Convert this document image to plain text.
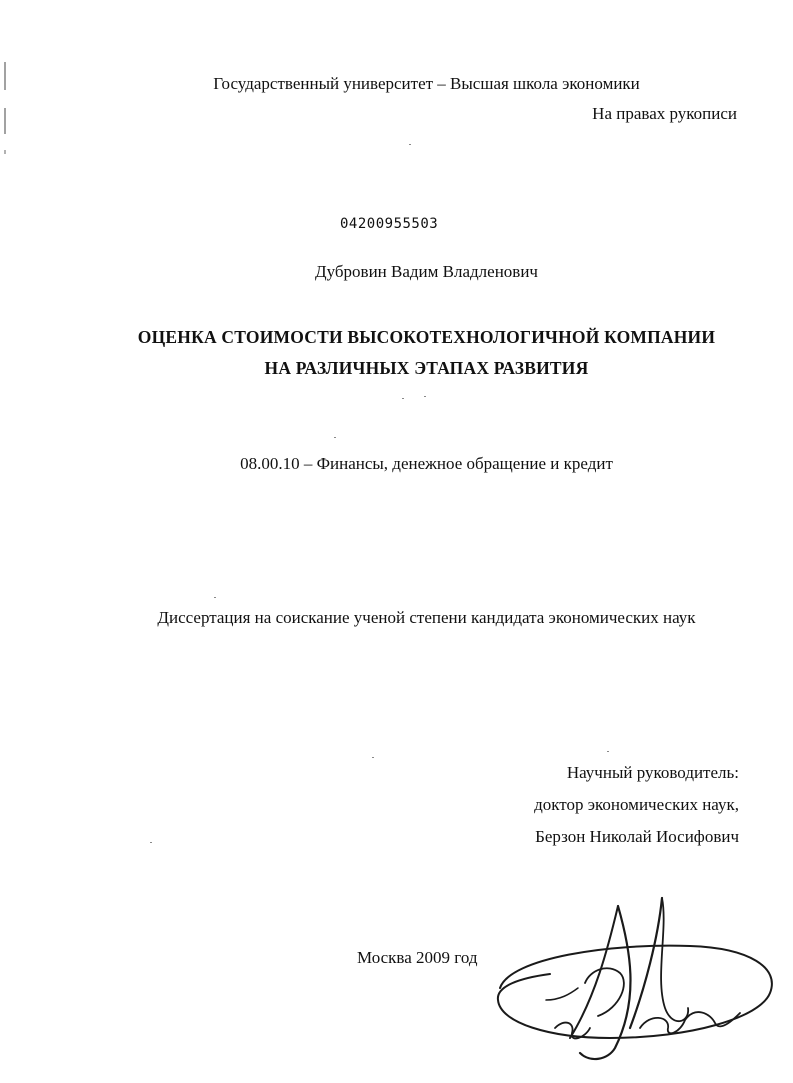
Государственный университет – Высшая школа экономики
На правах рукописи
04200955503
Дубровин Вадим Владленович
ОЦЕНКА СТОИМОСТИ ВЫСОКОТЕХНОЛОГИЧНОЙ КОМПАНИИ
НА РАЗЛИЧНЫХ ЭТАПАХ РАЗВИТИЯ
08.00.10 – Финансы, денежное обращение и кредит
Диссертация на соискание ученой степени кандидата экономических наук
Научный руководитель:
доктор экономических наук,
Берзон Николай Иосифович
Москва 2009 год
